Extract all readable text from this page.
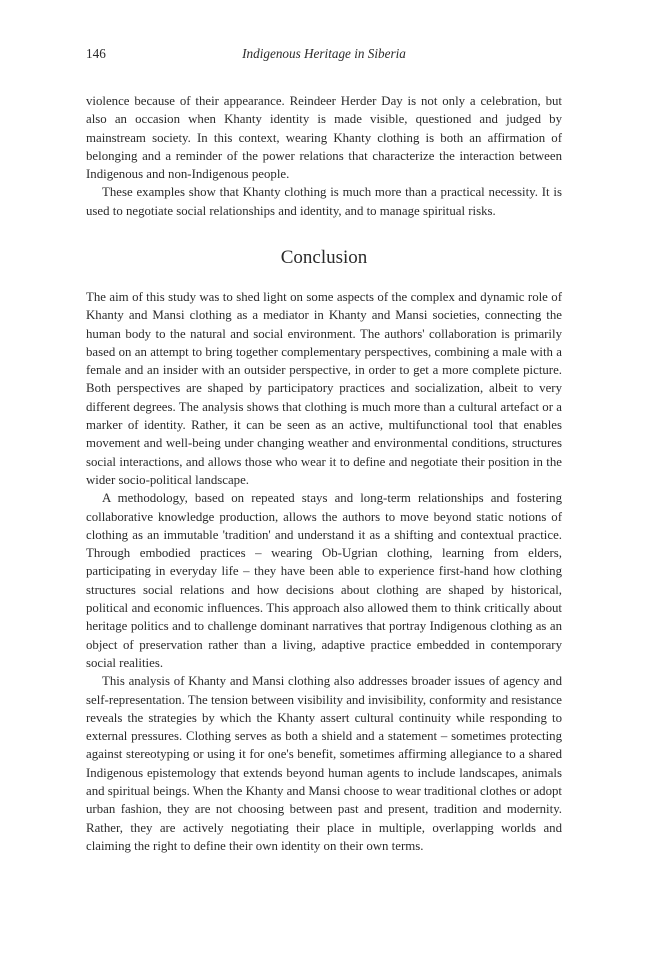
146	Indigenous Heritage in Siberia

violence because of their appearance. Reindeer Herder Day is not only a celebration, but also an occasion when Khanty identity is made visible, questioned and judged by mainstream society. In this context, wearing Khanty clothing is both an affirmation of belonging and a reminder of the power relations that characterize the interaction between Indigenous and non-Indigenous people.

These examples show that Khanty clothing is much more than a practical necessity. It is used to negotiate social relationships and identity, and to manage spiritual risks.

Conclusion

The aim of this study was to shed light on some aspects of the complex and dynamic role of Khanty and Mansi clothing as a mediator in Khanty and Mansi societies, connecting the human body to the natural and social environment. The authors' collaboration is primarily based on an attempt to bring together complementary perspectives, combining a male with a female and an insider with an outsider perspective, in order to get a more complete picture. Both perspectives are shaped by participatory practices and socialization, albeit to very different degrees. The analysis shows that clothing is much more than a cultural artefact or a marker of identity. Rather, it can be seen as an active, multifunctional tool that enables movement and well-being under changing weather and environmental conditions, structures social interactions, and allows those who wear it to define and negotiate their position in the wider socio-political landscape.

A methodology, based on repeated stays and long-term relationships and fostering collaborative knowledge production, allows the authors to move beyond static notions of clothing as an immutable 'tradition' and understand it as a shifting and contextual practice. Through embodied practices – wearing Ob-Ugrian clothing, learning from elders, participating in everyday life – they have been able to experience first-hand how clothing structures social relations and how decisions about clothing are shaped by historical, political and economic influences. This approach also allowed them to think critically about heritage politics and to challenge dominant narratives that portray Indigenous clothing as an object of preservation rather than a living, adaptive practice embedded in contemporary social realities.

This analysis of Khanty and Mansi clothing also addresses broader issues of agency and self-representation. The tension between visibility and invisibility, conformity and resistance reveals the strategies by which the Khanty assert cultural continuity while responding to external pressures. Clothing serves as both a shield and a statement – sometimes protecting against stereotyping or using it for one's benefit, sometimes affirming allegiance to a shared Indigenous epistemology that extends beyond human agents to include landscapes, animals and spiritual beings. When the Khanty and Mansi choose to wear traditional clothes or adopt urban fashion, they are not choosing between past and present, tradition and modernity. Rather, they are actively negotiating their place in multiple, overlapping worlds and claiming the right to define their own identity on their own terms.
